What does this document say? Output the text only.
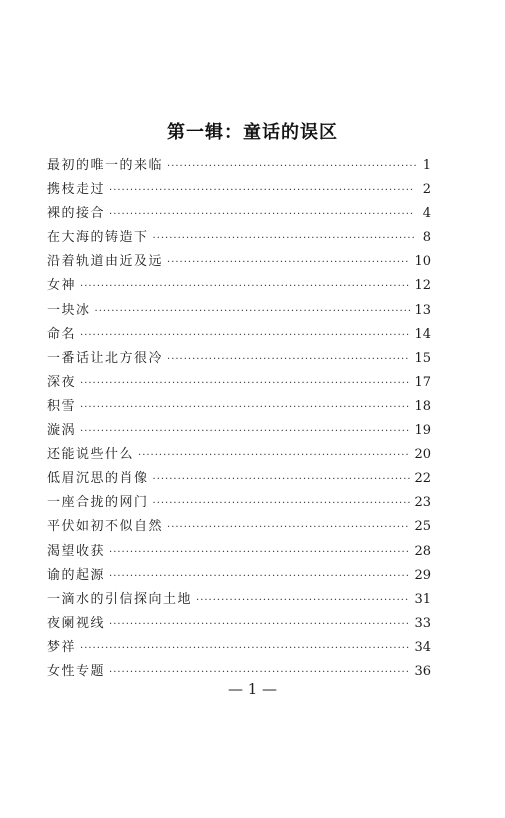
第一辑：童话的误区
最初的唯一的来临 ·····	1
携枝走过 ·····	2
裸的接合 ·····	4
在大海的铸造下 ·····	8
沿着轨道由近及远 ·····	10
女神 ·····	12
一块冰 ·····	13
命名 ·····	14
一番话让北方很冷 ·····	15
深夜 ·····	17
积雪 ·····	18
漩涡 ·····	19
还能说些什么 ·····	20
低眉沉思的肖像 ·····	22
一座合拢的网门 ·····	23
平伏如初不似自然 ·····	25
渴望收获 ·····	28
谕的起源 ·····	29
一滴水的引信探向土地 ·····	31
夜阑视线 ·····	33
梦祥 ·····	34
女性专题 ·····	36
— 1 —
